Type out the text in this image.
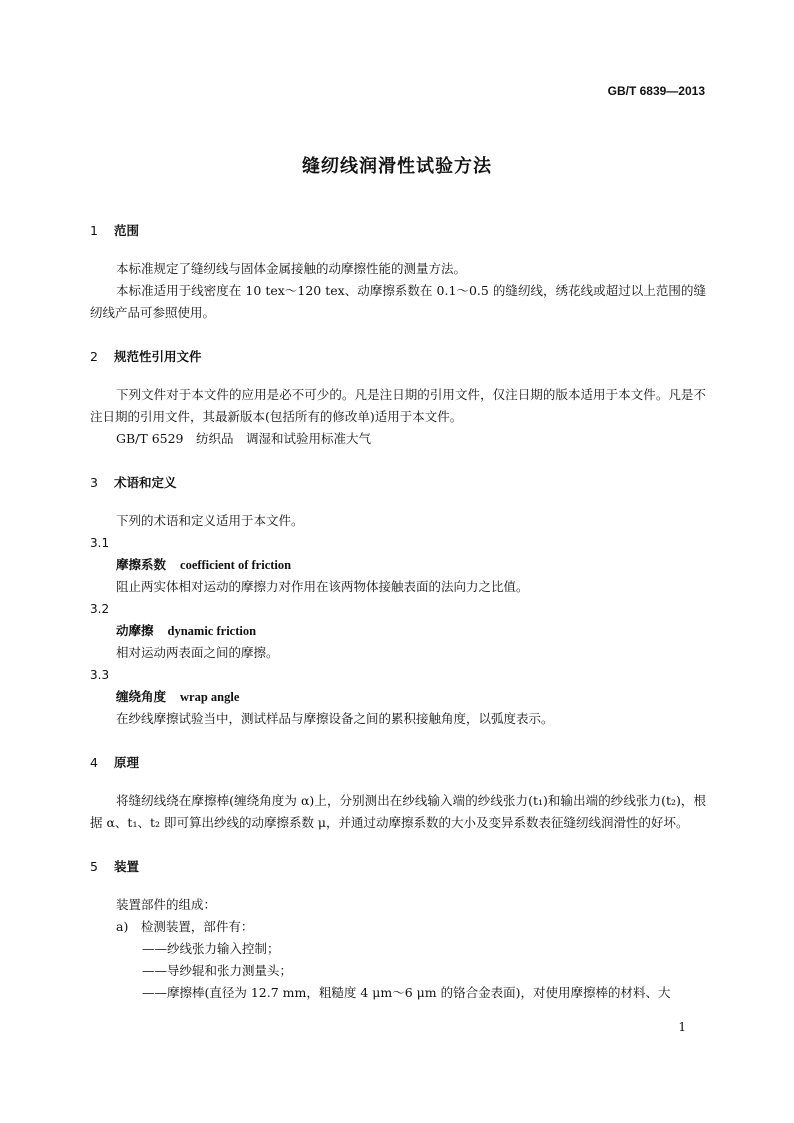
GB/T 6839—2013
缝纫线润滑性试验方法
1 范围

本标准规定了缝纫线与固体金属接触的动摩擦性能的测量方法。

本标准适用于线密度在 10 tex～120 tex、动摩擦系数在 0.1～0.5 的缝纫线，绣花线或超过以上范围的缝纫线产品可参照使用。

2 规范性引用文件

下列文件对于本文件的应用是必不可少的。凡是注日期的引用文件，仅注日期的版本适用于本文件。凡是不注日期的引用文件，其最新版本(包括所有的修改单)适用于本文件。

GB/T 6529　纺织品　调湿和试验用标准大气

3 术语和定义

下列的术语和定义适用于本文件。

3.1
摩擦系数 coefficient of friction

阻止两实体相对运动的摩擦力对作用在该两物体接触表面的法向力之比值。

3.2
动摩擦 dynamic friction

相对运动两表面之间的摩擦。

3.3
缠绕角度 wrap angle

在纱线摩擦试验当中，测试样品与摩擦设备之间的累积接触角度，以弧度表示。

4 原理

将缝纫线绕在摩擦棒(缠绕角度为 α)上，分别测出在纱线输入端的纱线张力(t₁)和输出端的纱线张力(t₂)，根据 α、t₁、t₂ 即可算出纱线的动摩擦系数 μ，并通过动摩擦系数的大小及变异系数表征缝纫线润滑性的好坏。

5 装置

装置部件的组成：

a)　检测装置，部件有：

——纱线张力输入控制；

——导纱辊和张力测量头；

——摩擦棒(直径为 12.7 mm，粗糙度 4 μm～6 μm 的铬合金表面)，对使用摩擦棒的材料、大

1
